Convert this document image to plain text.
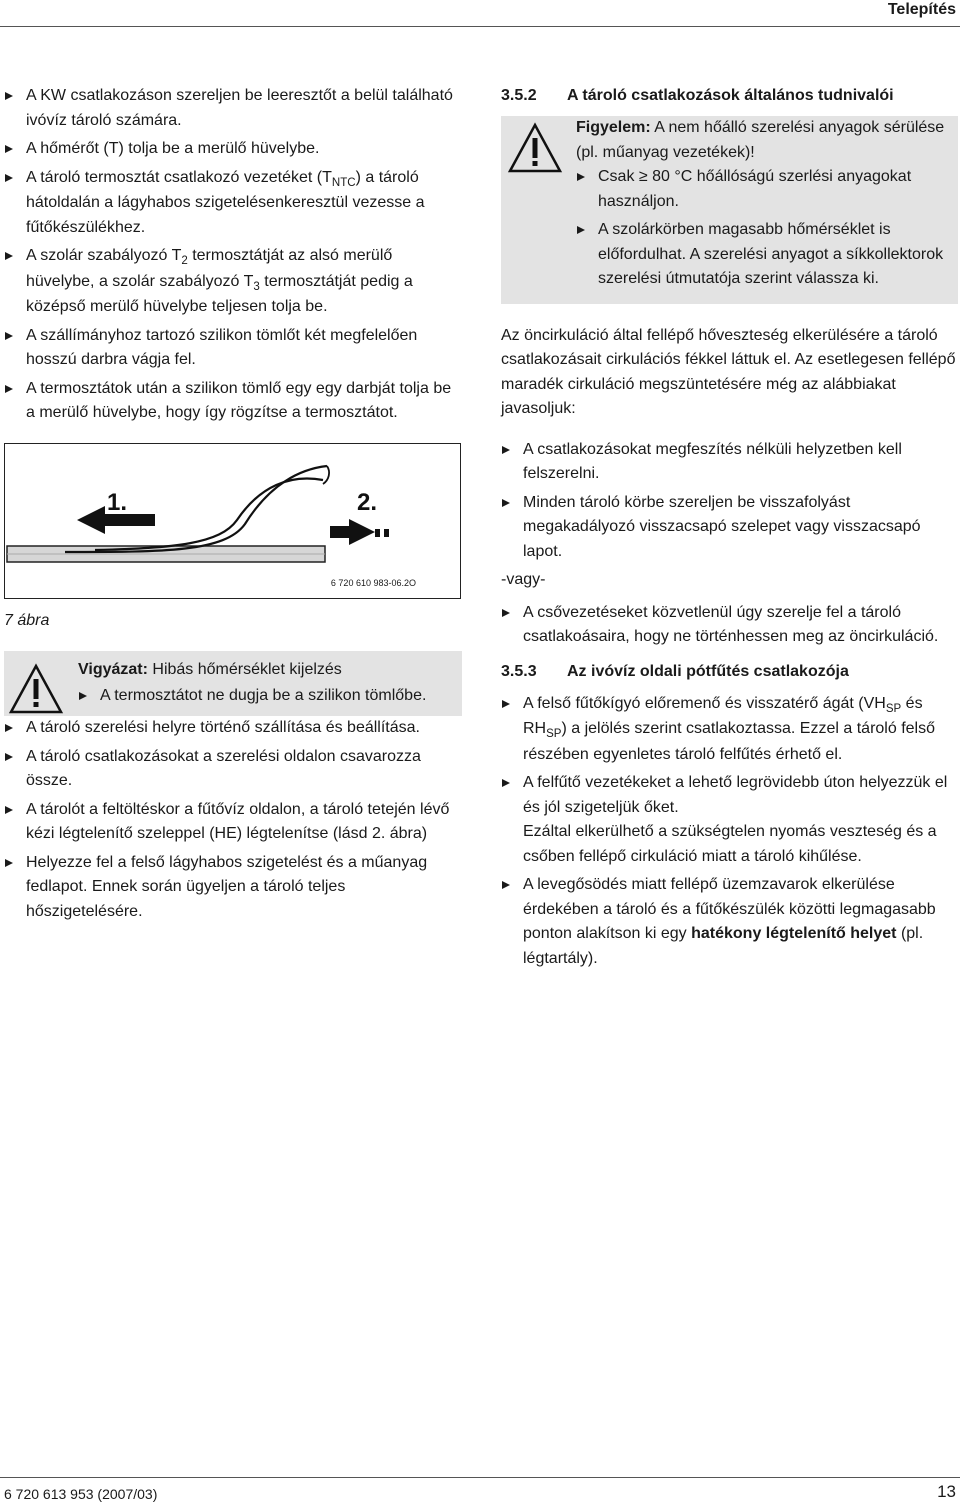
Telepítés
A KW csatlakozáson szereljen be leeresztőt a belül található ivóvíz tároló számára.
A hőmérőt (T) tolja be a merülő hüvelybe.
A tároló termosztát csatlakozó vezetéket $(T_{NTC})$ a tároló hátoldalán a lágyhabos szigetelésenkeresztül vezesse a fűtőkészülékhez.
A szolár szabályozó $T_2$ termosztátját az alsó merülő hüvelybe, a szolár szabályozó $T_3$ termosztátját pedig a középső merülő hüvelybe teljesen tolja be.
A szállímányhoz tartozó szilikon tömlőt két megfelelően hosszú darbra vágja fel.
A termosztátok után a szilikon tömlő egy egy darbját tolja be a merülő hüvelybe, hogy így rögzítse a termosztátot.
1.	2.
6 720 610 983-06.2O
7 ábra
Vigyázat: Hibás hőmérséklet kijelzés
A termosztátot ne dugja be a szilikon tömlőbe.
A tároló szerelési helyre történő szállítása és beállítása.
A tároló csatlakozásokat a szerelési oldalon csavarozza össze.
A tárolót a feltöltéskor a fűtővíz oldalon, a tároló tetején lévő kézi légtelenítő szeleppel (HE) légtelenítse (lásd 2. ábra)
Helyezze fel a felső lágyhabos szigetelést és a műanyag fedlapot. Ennek során ügyeljen a tároló teljes hőszigetelésére.
3.5.2 A tároló csatlakozások általános tudnivalói

Figyelem: A nem hőálló szerelési anyagok sérülése (pl. műanyag vezetékek)!

Csak ≥ 80 °C hőállóságú szerlési anyagokat használjon.
A szolárkörben magasabb hőmérséklet is előfordulhat. A szerelési anyagot a síkkollektorok szerelési útmutatója szerint válassza ki.

Az öncirkuláció által fellépő hőveszteség elkerülésére a tároló csatlakozásait cirkulációs fékkel láttuk el. Az esetlegesen fellépő maradék cirkuláció megszüntetésére még az alábbiakat javasoljuk:

A csatlakozásokat megfeszítés nélküli helyzetben kell felszerelni.
Minden tároló körbe szereljen be visszafolyást megakadályozó visszacsapó szelepet vagy visszacsapó lapot.

-vagy-

A csővezetéseket közvetlenül úgy szerelje fel a tároló csatlakoásaira, hogy ne történhessen meg az öncirkuláció.
3.5.3 Az ivóvíz oldali pótfűtés csatlakozója
A felső fűtőkígyó előremenő és visszatérő ágát ($VH_{SP}$ és $RH_{SP}$) a jelölés szerint csatlakoztassa. Ezzel a tároló felső részében egyenletes tároló felfűtés érhető el.
A felfűtő vezetékeket a lehető legrövidebb úton helyezzük el és jól szigeteljük őket.
Ezáltal elkerülhető a szükségtelen nyomás veszteség és a csőben fellépő cirkuláció miatt a tároló kihűlése.
A levegősödés miatt fellépő üzemzavarok elkerülése érdekében a tároló és a fűtőkészülék közötti legmagasabb ponton alakítson ki egy hatékony légtelenítő helyet (pl. légtartály).
6 720 613 953 (2007/03)	13
